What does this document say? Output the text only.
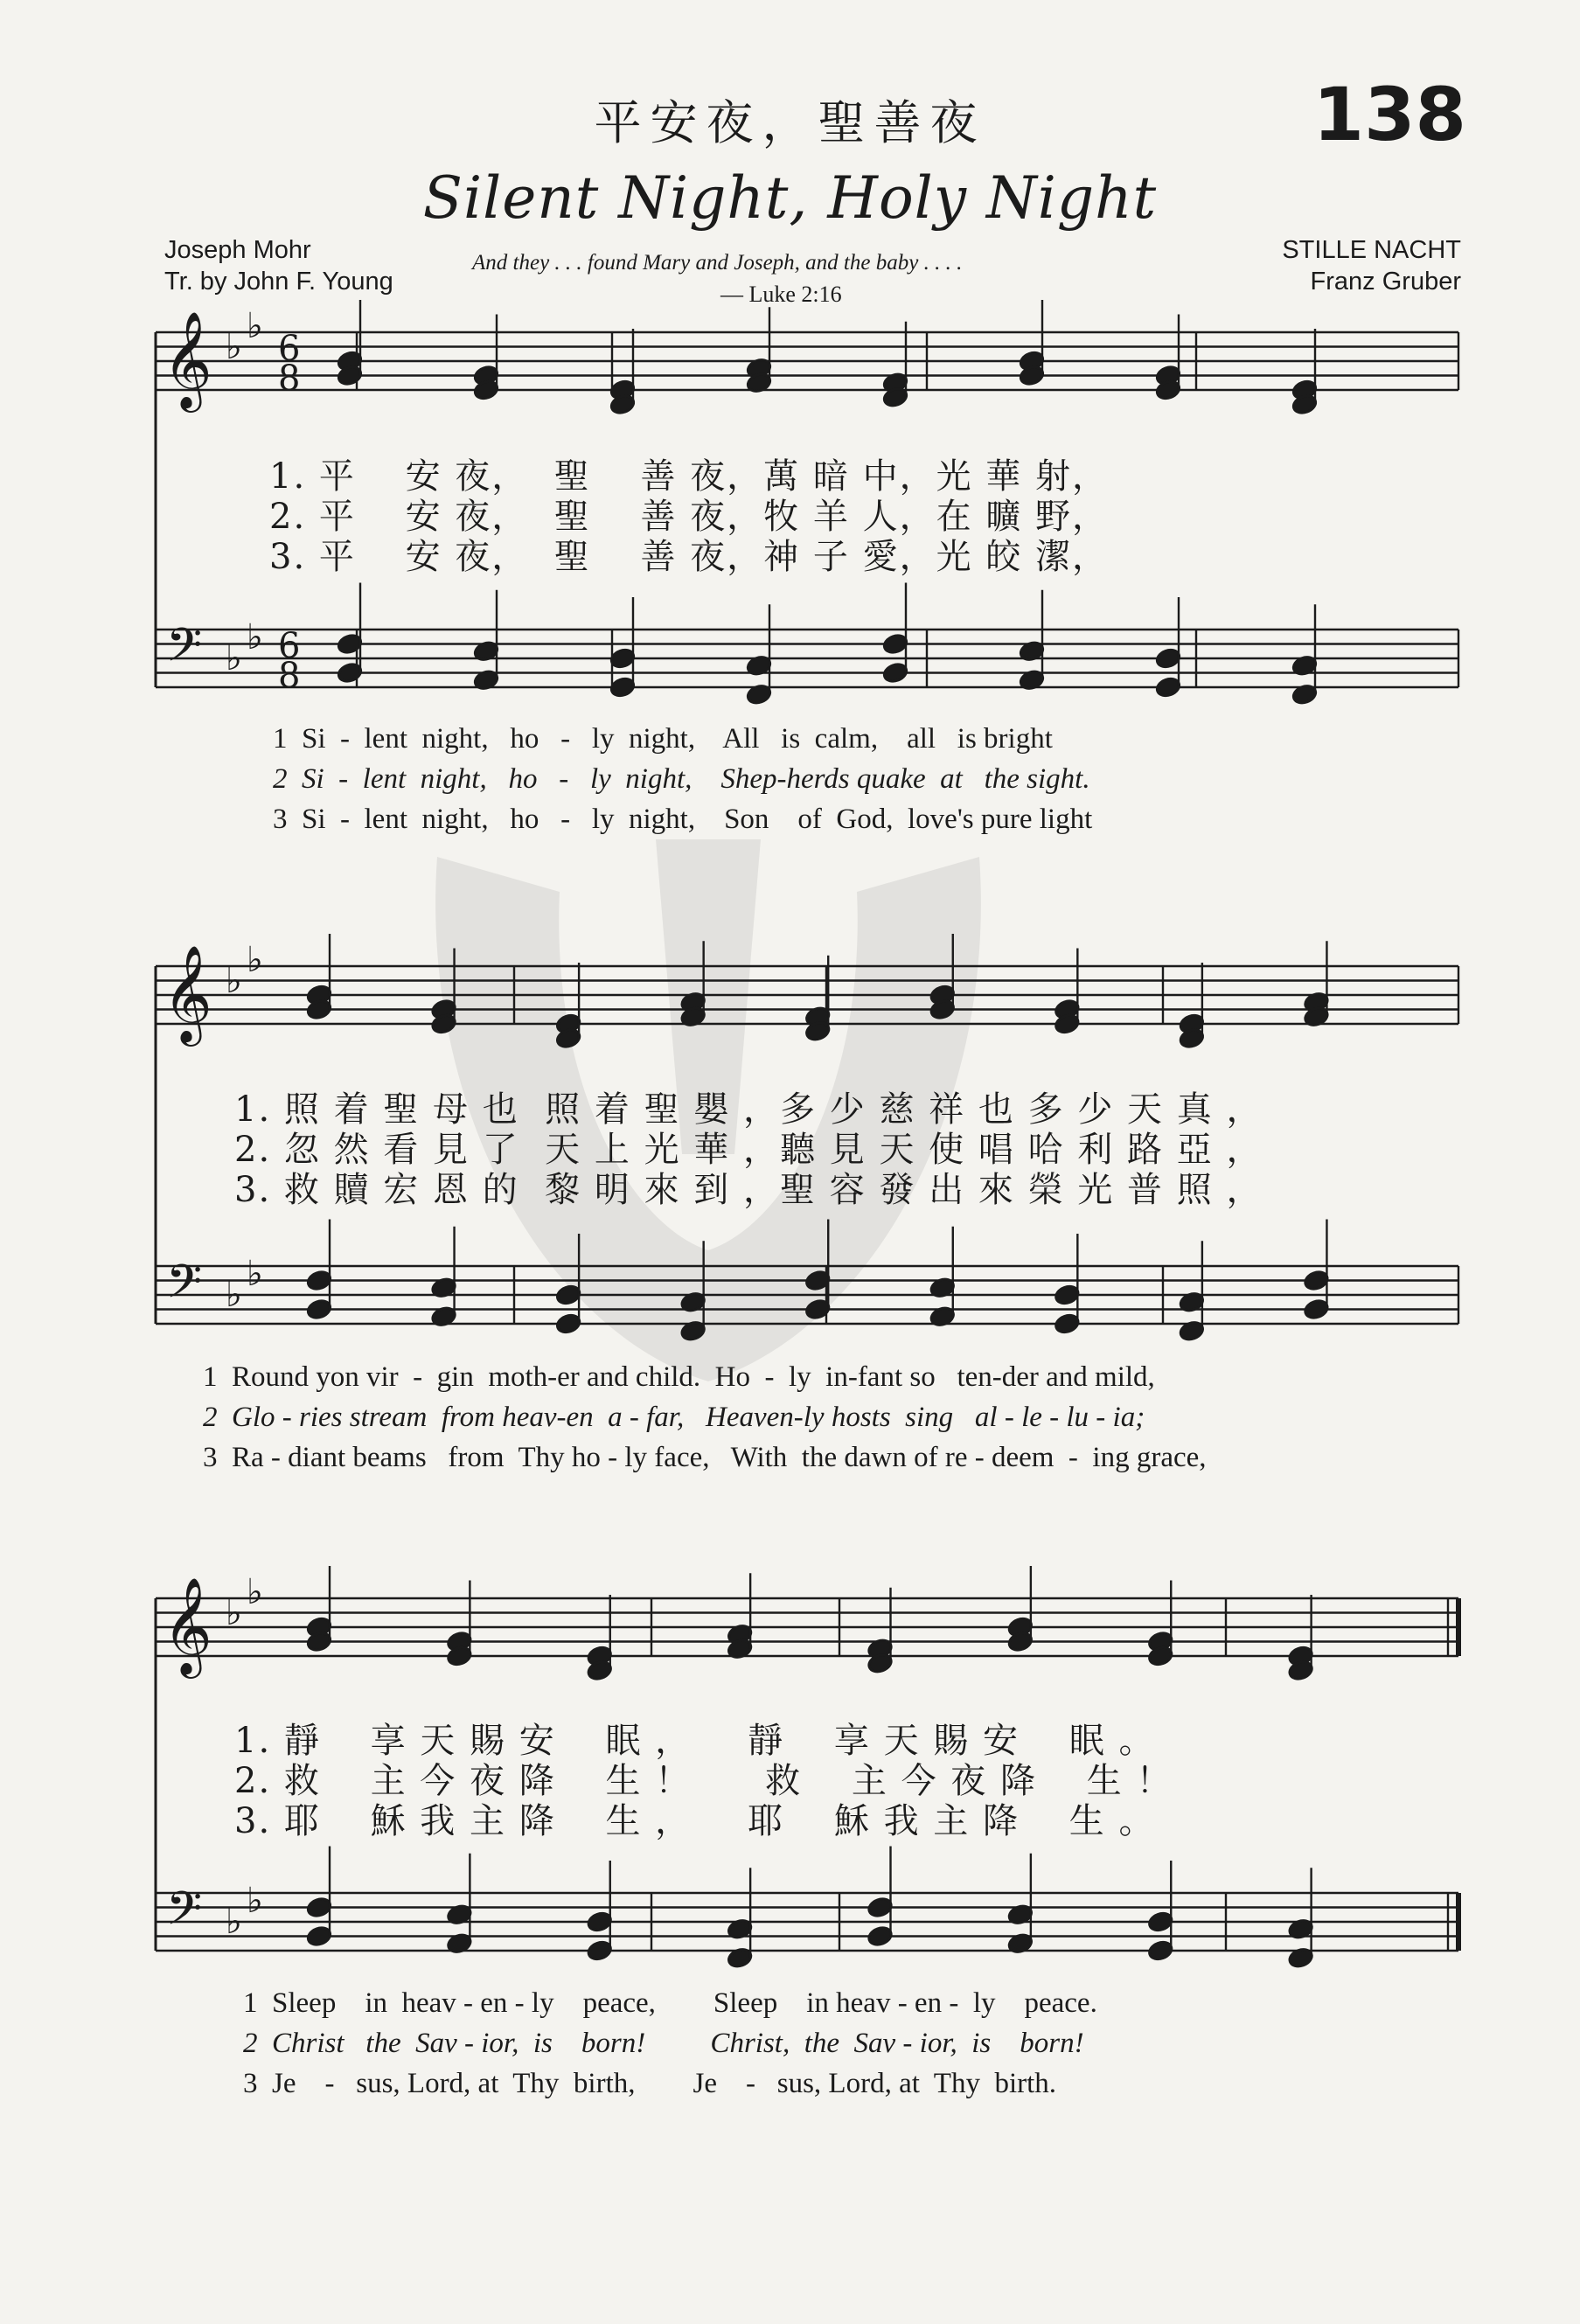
平安夜，聖善夜	138
Silent Night, Holy Night
Joseph Mohr
Tr. by John F. Young
STILLE NACHT
Franz Gruber
And they . . . found Mary and Joseph, and the baby . . . .
— Luke 2:16
𝄞
𝄢
♭
♭
♭
♭
6
8
6
8
𝄞
𝄢
♭
♭
♭
♭
𝄞
𝄢
♭
♭
♭
♭
1. 平　 安 夜，  聖　 善 夜，萬 暗 中，光 華 射，
2. 平　 安 夜，  聖　 善 夜，牧 羊 人，在 曠 野，
3. 平　 安 夜，  聖　 善 夜，神 子 愛，光 皎 潔，
1  Si  -  lent  night,   ho   -   ly  night,    All   is  calm,    all   is bright
2  Si  -  lent  night,   ho   -   ly  night,    Shep-herds quake  at   the sight.
3  Si  -  lent  night,   ho   -   ly  night,    Son    of  God,  love's pure light
1. 照 着 聖 母 也  照 着 聖 嬰 ，多 少 慈 祥 也 多 少 天 真 ，
2. 忽 然 看 見 了  天 上 光 華 ，聽 見 天 使 唱 哈 利 路 亞 ，
3. 救 贖 宏 恩 的  黎 明 來 到 ，聖 容 發 出 來 榮 光 普 照 ，
1  Round yon vir  -  gin  moth-er and child.  Ho  -  ly  in-fant so   ten-der and mild,
2  Glo - ries stream  from heav-en  a - far,   Heaven-ly hosts  sing   al - le - lu - ia;
3  Ra - diant beams   from  Thy ho - ly face,   With  the dawn of re - deem  -  ing grace,
1. 靜 　享 天 賜 安 　眠 ，　　靜 　享 天 賜 安 　眠 。
2. 救 　主 今 夜 降 　生 ！　　救 　主 今 夜 降 　生 ！
3. 耶 　穌 我 主 降 　生 ，　　耶 　穌 我 主 降 　生 。
1  Sleep    in  heav - en - ly    peace,        Sleep    in heav - en -  ly    peace.
2  Christ   the  Sav - ior,  is    born!         Christ,  the  Sav - ior,  is    born!
3  Je    -   sus, Lord, at  Thy  birth,        Je    -   sus, Lord, at  Thy  birth.
